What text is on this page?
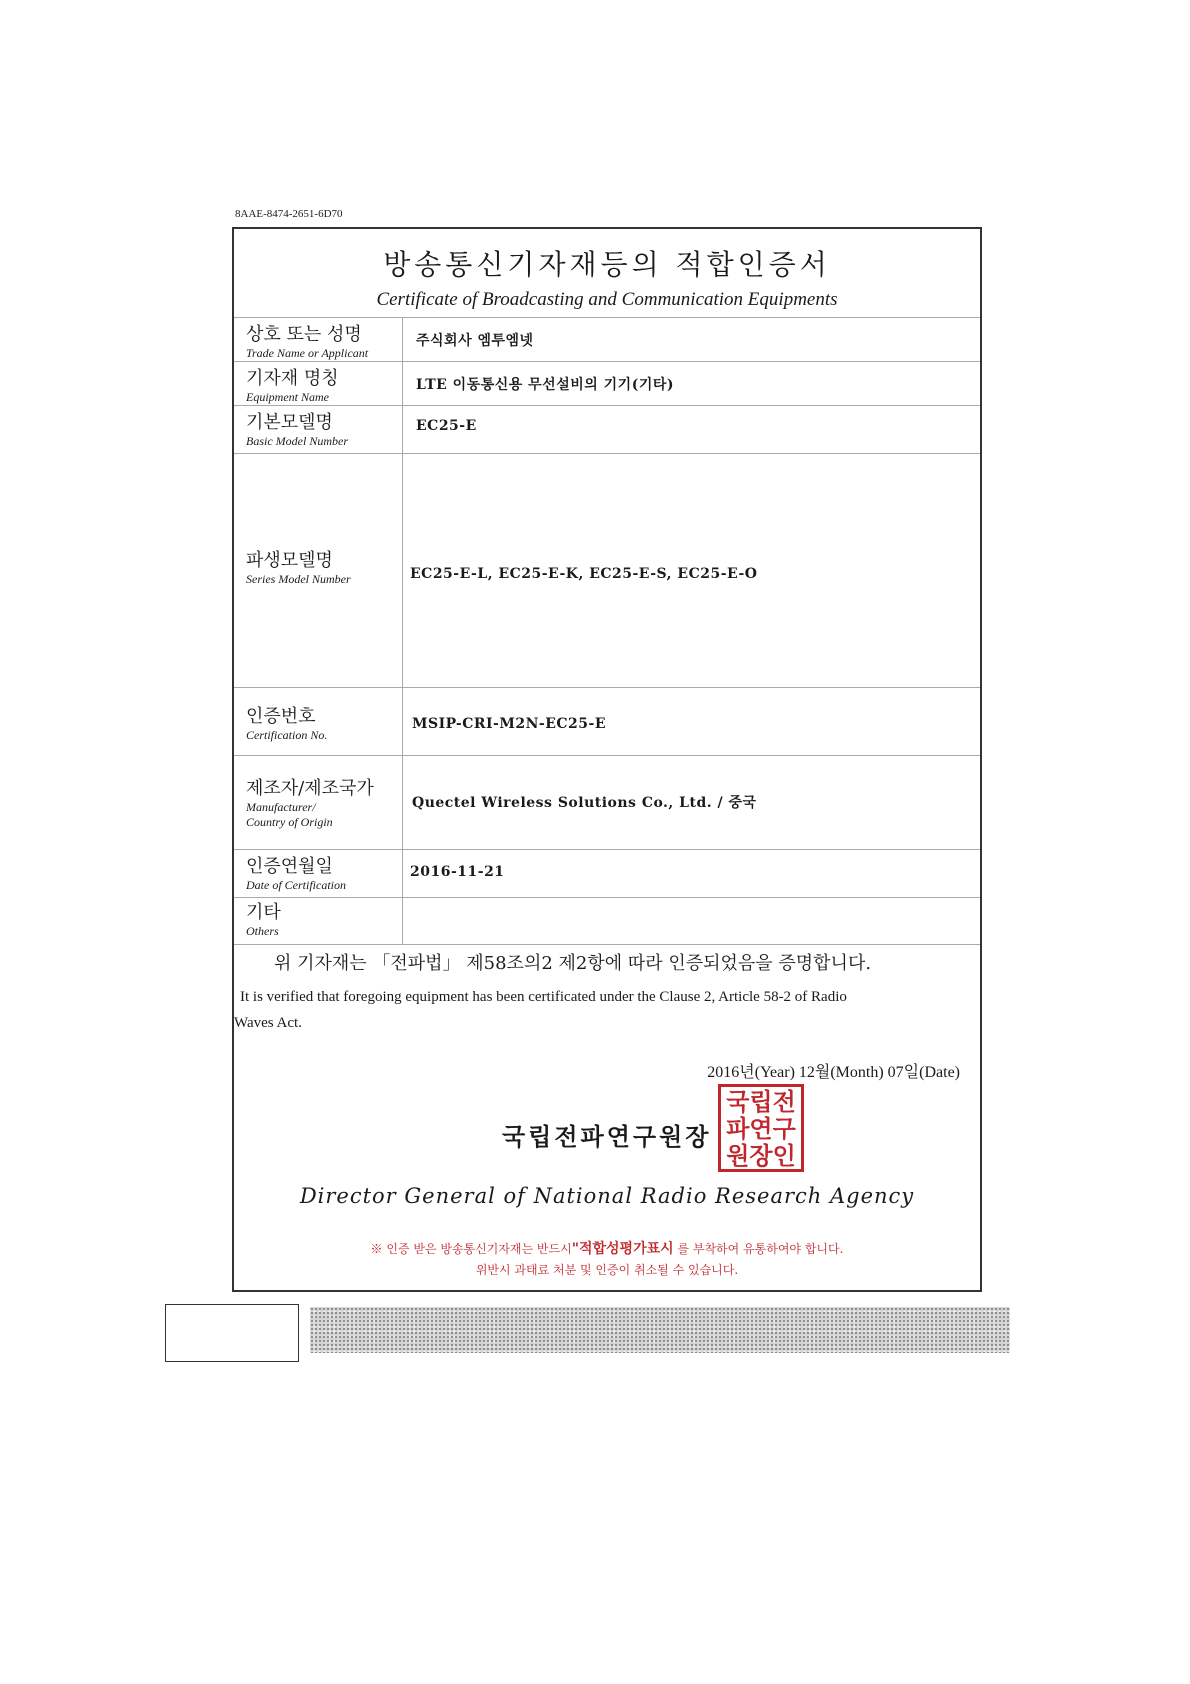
8AAE-8474-2651-6D70
방송통신기자재등의 적합인증서
Certificate of Broadcasting and Communication Equipments
상호 또는 성명
Trade Name or Applicant
주식회사 엠투엠넷
기자재 명칭
Equipment Name
LTE 이동통신용 무선설비의 기기(기타)
기본모델명
Basic Model Number
EC25-E
파생모델명
Series Model Number	EC25-E-L, EC25-E-K, EC25-E-S, EC25-E-O
인증번호
Certification No.
MSIP-CRI-M2N-EC25-E
제조자/제조국가
Manufacturer/
Country of Origin
Quectel Wireless Solutions Co., Ltd. / 중국
인증연월일
Date of Certification
2016-11-21
기타
Others
위 기자재는 「전파법」 제58조의2 제2항에 따라 인증되었음을 증명합니다.
It is verified that foregoing equipment has been certificated under the Clause 2, Article 58-2 of Radio
Waves Act.
2016년(Year) 12월(Month) 07일(Date)
국립전파연구원장
국립전
파연구
원장인
Director General of National Radio Research Agency
※ 인증 받은 방송통신기자재는 반드시"적합성평가표시 를 부착하여 유통하여야 합니다.
위반시 과태료 처분 및 인증이 취소될 수 있습니다.
